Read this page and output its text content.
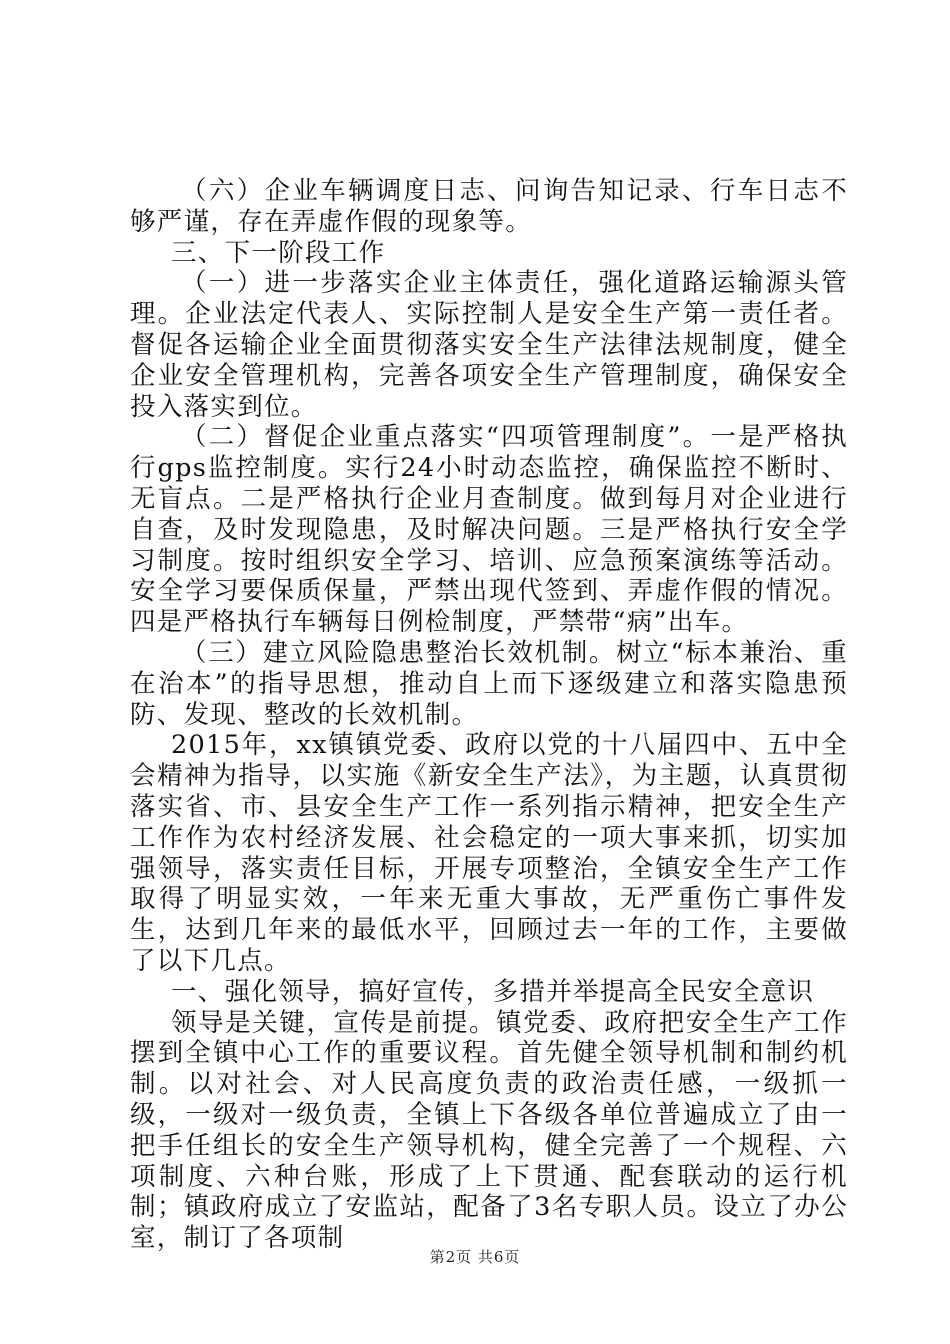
（六）企业车辆调度日志、问询告知记录、行车日志不够严谨，存在弄虚作假的现象等。

三、下一阶段工作

（一）进一步落实企业主体责任，强化道路运输源头管理。企业法定代表人、实际控制人是安全生产第一责任者。督促各运输企业全面贯彻落实安全生产法律法规制度，健全企业安全管理机构，完善各项安全生产管理制度，确保安全投入落实到位。

（二）督促企业重点落实“四项管理制度”。一是严格执行gps监控制度。实行24小时动态监控，确保监控不断时、无盲点。二是严格执行企业月查制度。做到每月对企业进行自查，及时发现隐患，及时解决问题。三是严格执行安全学习制度。按时组织安全学习、培训、应急预案演练等活动。安全学习要保质保量，严禁出现代签到、弄虚作假的情况。四是严格执行车辆每日例检制度，严禁带“病”出车。

（三）建立风险隐患整治长效机制。树立“标本兼治、重在治本”的指导思想，推动自上而下逐级建立和落实隐患预防、发现、整改的长效机制。

2015年，xx镇镇党委、政府以党的十八届四中、五中全会精神为指导，以实施《新安全生产法》，为主题，认真贯彻落实省、市、县安全生产工作一系列指示精神，把安全生产工作作为农村经济发展、社会稳定的一项大事来抓，切实加强领导，落实责任目标，开展专项整治，全镇安全生产工作取得了明显实效，一年来无重大事故，无严重伤亡事件发生，达到几年来的最低水平，回顾过去一年的工作，主要做了以下几点。

一、强化领导，搞好宣传，多措并举提高全民安全意识

领导是关键，宣传是前提。镇党委、政府把安全生产工作摆到全镇中心工作的重要议程。首先健全领导机制和制约机制。以对社会、对人民高度负责的政治责任感，一级抓一级，一级对一级负责，全镇上下各级各单位普遍成立了由一把手任组长的安全生产领导机构，健全完善了一个规程、六项制度、六种台账，形成了上下贯通、配套联动的运行机制；镇政府成立了安监站，配备了3名专职人员。设立了办公室，制订了各项制

第2页 共6页
